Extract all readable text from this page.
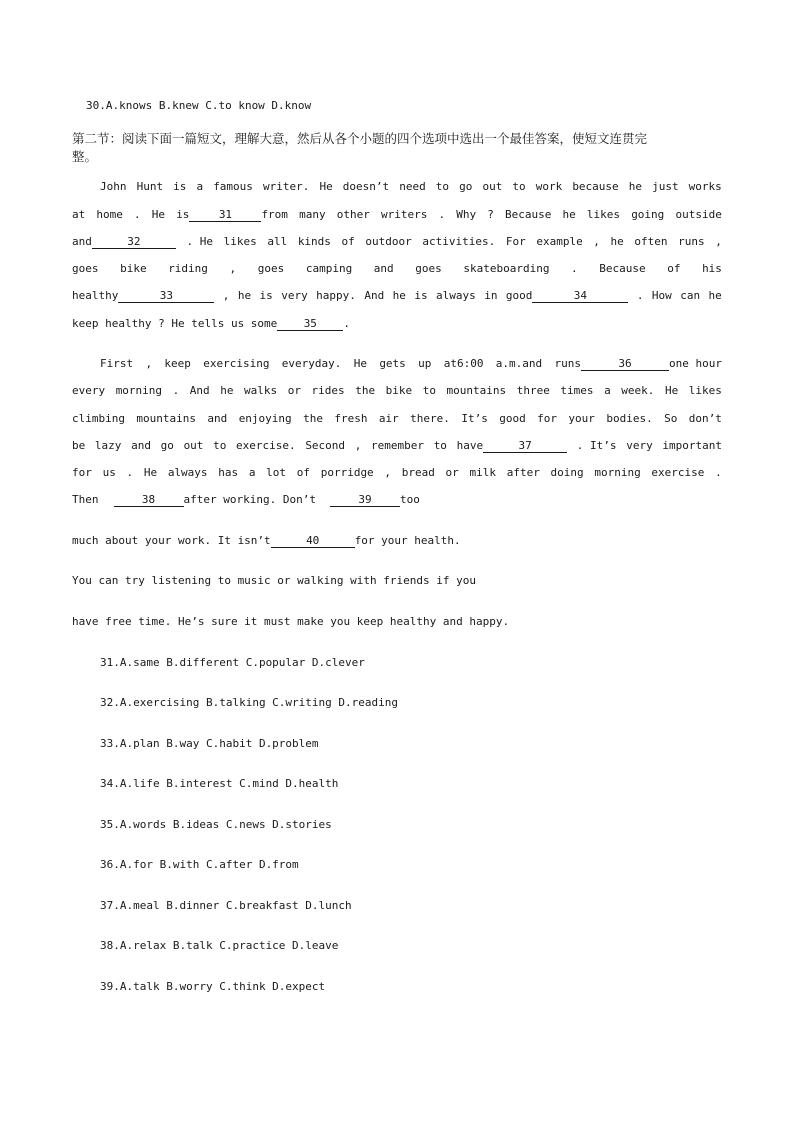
30.A.knows B.knew C.to know D.know
第二节：阅读下面一篇短文，理解大意，然后从各个小题的四个选项中选出一个最佳答案，使短文连贯完
整。
John Hunt is a famous writer. He doesn’t need to go out to work because he just works
at home . He is	31	from many other writers . Why ? Because he likes going outside
and	32	. He likes all kinds of outdoor activities. For example , he often runs ,
goes bike riding , goes camping and goes skateboarding . Because of his
healthy	33	, he is very happy. And he is always in good	34	. How can he
keep healthy ? He tells us some 35 .
First , keep exercising everyday. He gets up at6:00 a.m.and runs	36	one hour
every morning . And he walks or rides the bike to mountains three times a week. He likes
climbing mountains and enjoying the fresh air there. It’s good for your bodies. So don’t
be lazy and go out to exercise. Second , remember to have	37	. It’s very important
for us . He always has a lot of porridge , bread or milk after doing morning exercise .
Then	38	after working. Don’t	39	too
much about your work. It isn’t	40	for your health.
You can try listening to music or walking with friends if you
have free time. He’s sure it must make you keep healthy and happy.
31.A.same B.different C.popular D.clever
32.A.exercising B.talking C.writing D.reading
33.A.plan B.way C.habit D.problem
34.A.life B.interest C.mind D.health
35.A.words B.ideas C.news D.stories
36.A.for B.with C.after D.from
37.A.meal B.dinner C.breakfast D.lunch
38.A.relax B.talk C.practice D.leave
39.A.talk B.worry C.think D.expect
